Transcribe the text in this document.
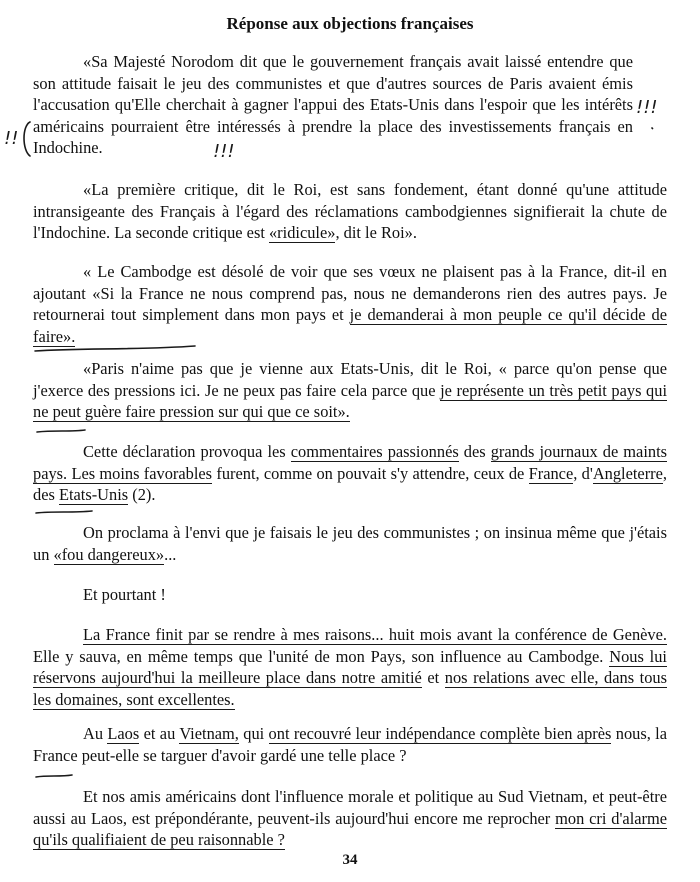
Réponse aux objections françaises

«Sa Majesté Norodom dit que le gouvernement français avait laissé entendre que son attitude faisait le jeu des communistes et que d'autres sources de Paris avaient émis l'accusation qu'Elle cherchait à gagner l'appui des Etats-Unis dans l'espoir que les intérêts américains pourraient être intéressés à prendre la place des investissements français en Indochine.

«La première critique, dit le Roi, est sans fondement, étant donné qu'une attitude intransigeante des Français à l'égard des réclamations cambodgiennes signifierait la chute de l'Indochine. La seconde critique est «ridicule», dit le Roi».

« Le Cambodge est désolé de voir que ses vœux ne plaisent pas à la France, dit-il en ajoutant «Si la France ne nous comprend pas, nous ne demanderons rien des autres pays. Je retournerai tout simplement dans mon pays et je demanderai à mon peuple ce qu'il décide de faire».

«Paris n'aime pas que je vienne aux Etats-Unis, dit le Roi, « parce qu'on pense que j'exerce des pressions ici. Je ne peux pas faire cela parce que je représente un très petit pays qui ne peut guère faire pression sur qui que ce soit».

Cette déclaration provoqua les commentaires passionnés des grands journaux de maints pays. Les moins favorables furent, comme on pouvait s'y attendre, ceux de France, d'Angleterre, des Etats-Unis (2).

On proclama à l'envi que je faisais le jeu des communistes ; on insinua même que j'étais un «fou dangereux»...

Et pourtant !

La France finit par se rendre à mes raisons... huit mois avant la conférence de Genève. Elle y sauva, en même temps que l'unité de mon Pays, son influence au Cambodge. Nous lui réservons aujourd'hui la meilleure place dans notre amitié et nos relations avec elle, dans tous les domaines, sont excellentes.

Au Laos et au Vietnam, qui ont recouvré leur indépendance complète bien après nous, la France peut-elle se targuer d'avoir gardé une telle place ?

Et nos amis américains dont l'influence morale et politique au Sud Vietnam, et peut-être aussi au Laos, est prépondérante, peuvent-ils aujourd'hui encore me reprocher mon cri d'alarme qu'ils qualifiaient de peu raisonnable ?

34
!!!
!!
!!!
